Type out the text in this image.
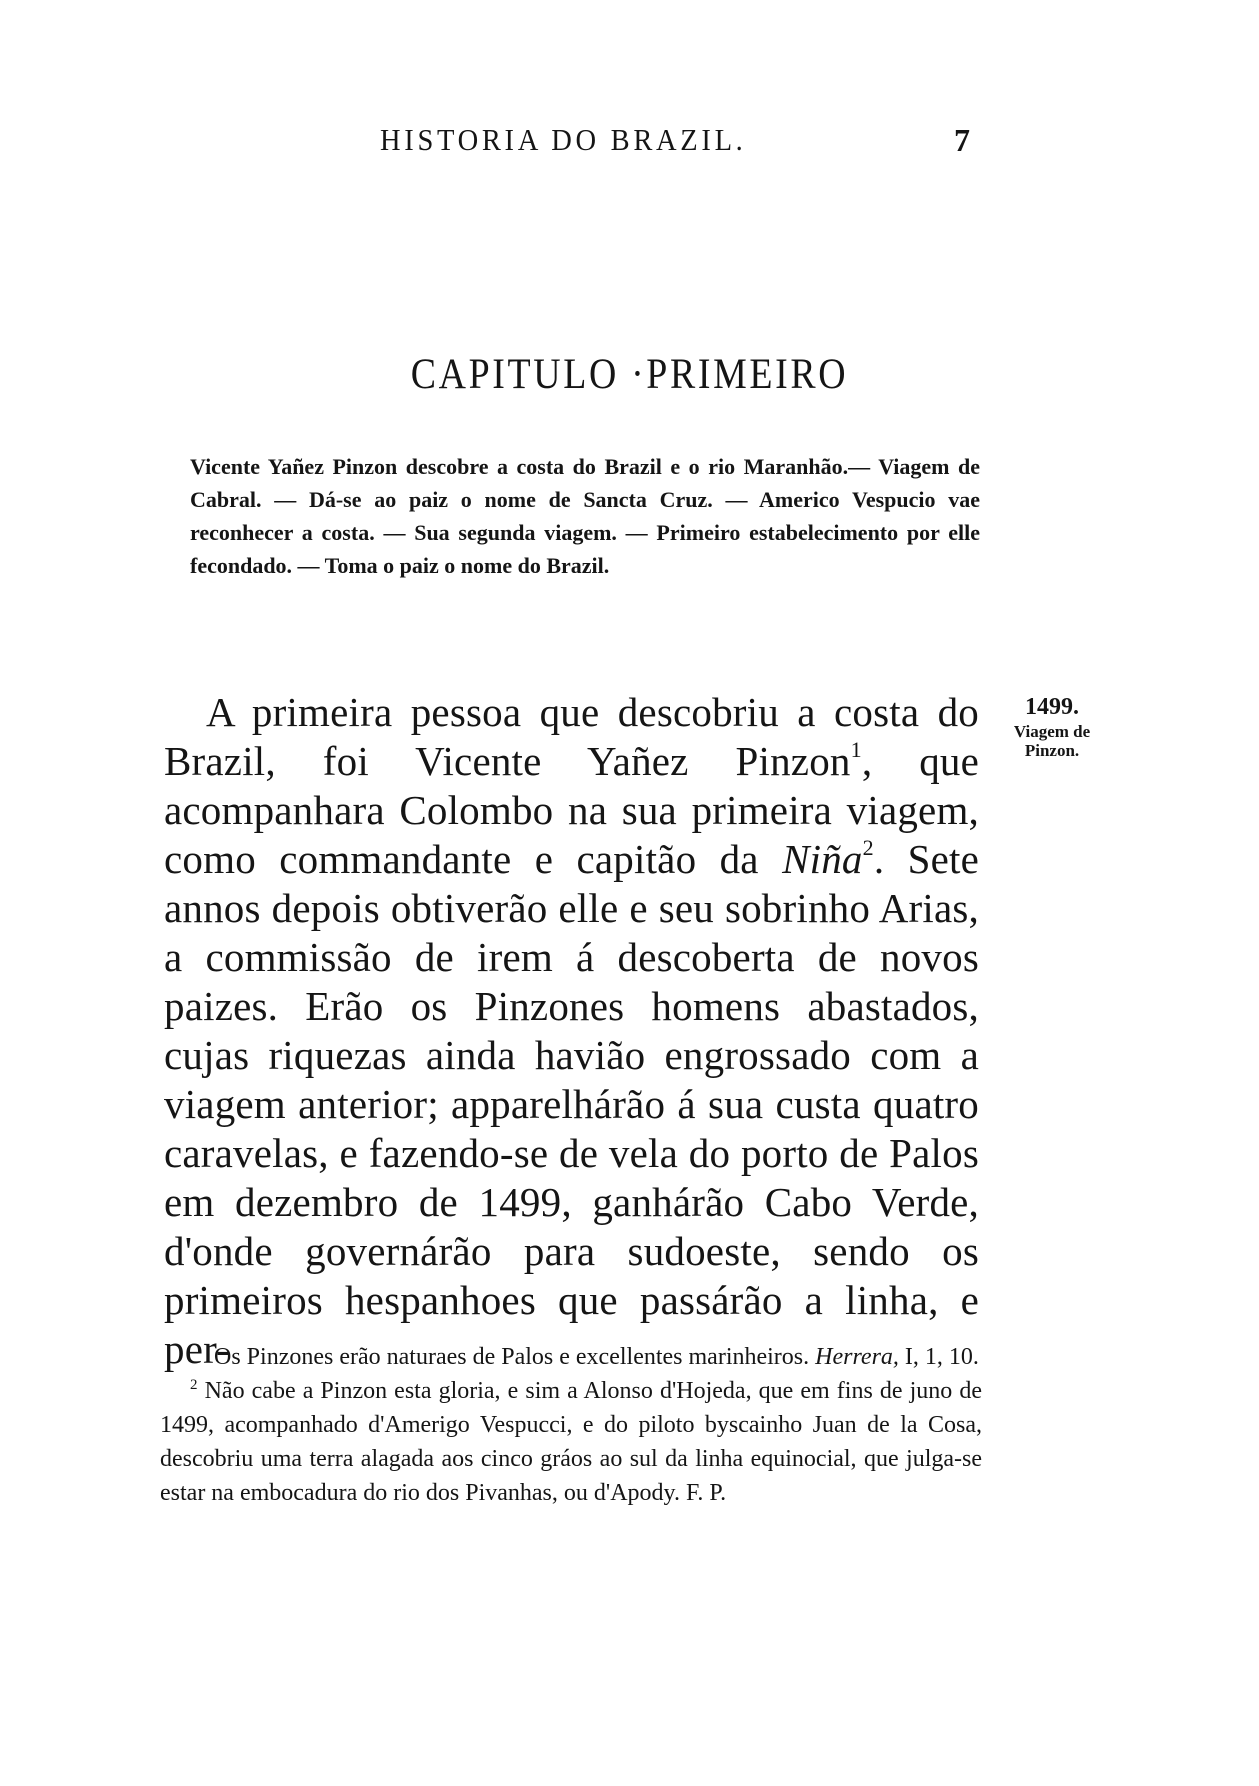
HISTORIA DO BRAZIL.	7
CAPITULO ·PRIMEIRO
Vicente Yañez Pinzon descobre a costa do Brazil e o rio Maranhão.— Viagem de Cabral. — Dá-se ao paiz o nome de Sancta Cruz. — Americo Vespucio vae reconhecer a costa. — Sua segunda viagem. — Primeiro estabelecimento por elle fecondado. — Toma o paiz o nome do Brazil.
1499.
Viagem de Pinzon.
A primeira pessoa que descobriu a costa do Brazil, foi Vicente Yañez Pinzon$^1$, que acompanhara Colombo na sua primeira viagem, como commandante e capitão da Niña$^2$. Sete annos depois obtiverão elle e seu sobrinho Arias, a commissão de irem á descoberta de novos paizes. Erão os Pinzones homens abastados, cujas riquezas ainda havião engrossado com a viagem anterior; apparelhárão á sua custa quatro caravelas, e fazendo-se de vela do porto de Palos em dezembro de 1499, ganhárão Cabo Verde, d'onde governárão para sudoeste, sendo os primeiros hespanhoes que passárão a linha, e per-

Os Pinzones erão naturaes de Palos e excellentes marinheiros. Herrera, I, 1, 10.

$^2$ Não cabe a Pinzon esta gloria, e sim a Alonso d'Hojeda, que em fins de juno de 1499, acompanhado d'Amerigo Vespucci, e do piloto byscainho Juan de la Cosa, descobriu uma terra alagada aos cinco gráos ao sul da linha equinocial, que julga-se estar na embocadura do rio dos Pivanhas, ou d'Apody. F. P.
